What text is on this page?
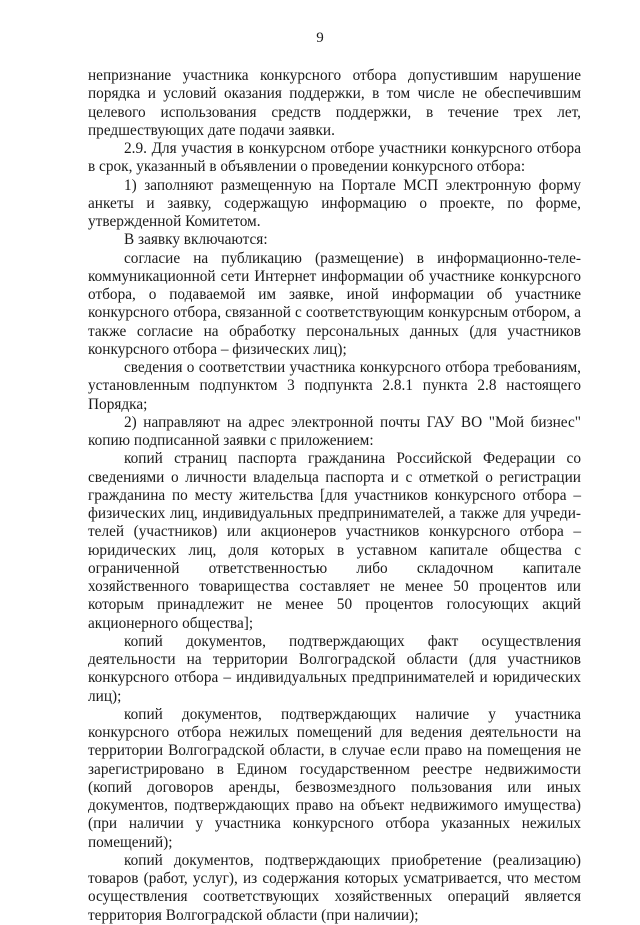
9

непризнание участника конкурсного отбора допустившим нарушение порядка и условий оказания поддержки, в том числе не обеспечившим целевого использования средств поддержки, в течение трех лет, предшествующих дате подачи заявки.

2.9. Для участия в конкурсном отборе участники конкурсного отбора в срок, указанный в объявлении о проведении конкурсного отбора:

1) заполняют размещенную на Портале МСП электронную форму анкеты и заявку, содержащую информацию о проекте, по форме, утвержденной Комитетом.

В заявку включаются:

согласие на публикацию (размещение) в информационно-телекоммуникационной сети Интернет информации об участнике конкурсного отбора, о подаваемой им заявке, иной информации об участнике конкурсного отбора, связанной с соответствующим конкурсным отбором, а также согласие на обработку персональных данных (для участников конкурсного отбора – физических лиц);

сведения о соответствии участника конкурсного отбора требованиям, установленным подпунктом 3 подпункта 2.8.1 пункта 2.8 настоящего Порядка;

2) направляют на адрес электронной почты ГАУ ВО "Мой бизнес" копию подписанной заявки с приложением:

копий страниц паспорта гражданина Российской Федерации со сведениями о личности владельца паспорта и с отметкой о регистрации гражданина по месту жительства [для участников конкурсного отбора – физических лиц, индивидуальных предпринимателей, а также для учредителей (участников) или акционеров участников конкурсного отбора – юридических лиц, доля которых в уставном капитале общества с ограниченной ответственностью либо складочном капитале хозяйственного товарищества составляет не менее 50 процентов или которым принадлежит не менее 50 процентов голосующих акций акционерного общества];

копий документов, подтверждающих факт осуществления деятельности на территории Волгоградской области (для участников конкурсного отбора – индивидуальных предпринимателей и юридических лиц);

копий документов, подтверждающих наличие у участника конкурсного отбора нежилых помещений для ведения деятельности на территории Волгоградской области, в случае если право на помещения не зарегистрировано в Едином государственном реестре недвижимости (копий договоров аренды, безвозмездного пользования или иных документов, подтверждающих право на объект недвижимого имущества) (при наличии у участника конкурсного отбора указанных нежилых помещений);

копий документов, подтверждающих приобретение (реализацию) товаров (работ, услуг), из содержания которых усматривается, что местом осуществления соответствующих хозяйственных операций является территория Волгоградской области (при наличии);
